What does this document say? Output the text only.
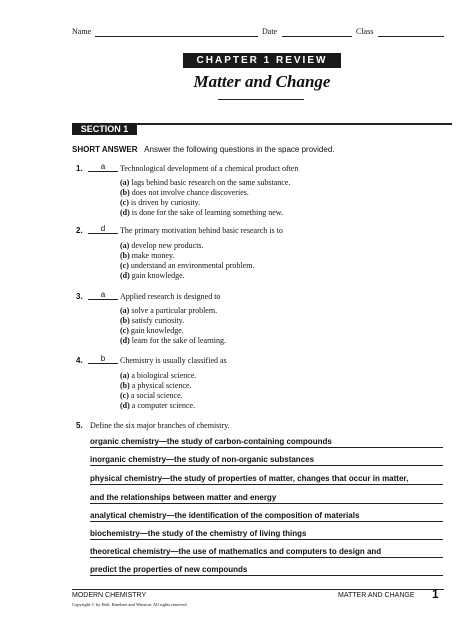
Name	Date	Class
CHAPTER 1 REVIEW
Matter and Change
SECTION 1
SHORT ANSWER Answer the following questions in the space provided.
1.	a	Technological development of a chemical product often
(a) lags behind basic research on the same substance.
(b) does not involve chance discoveries.
(c) is driven by curiosity.
(d) is done for the sake of learning something new.
2.	d	The primary motivation behind basic research is to
(a) develop new products.
(b) make money.
(c) understand an environmental problem.
(d) gain knowledge.
3.	a	Applied research is designed to
(a) solve a particular problem.
(b) satisfy curiosity.
(c) gain knowledge.
(d) learn for the sake of learning.
4.	b	Chemistry is usually classified as
(a) a biological science.
(b) a physical science.
(c) a social science.
(d) a computer science.
5. Define the six major branches of chemistry.
organic chemistry—the study of carbon-containing compounds
inorganic chemistry—the study of non-organic substances
physical chemistry—the study of properties of matter, changes that occur in matter,
and the relationships between matter and energy
analytical chemistry—the identification of the composition of materials
biochemistry—the study of the chemistry of living things
theoretical chemistry—the use of mathematics and computers to design and
predict the properties of new compounds
MODERN CHEMISTRY	MATTER AND CHANGE 1
Copyright © by Holt, Rinehart and Winston. All rights reserved.
